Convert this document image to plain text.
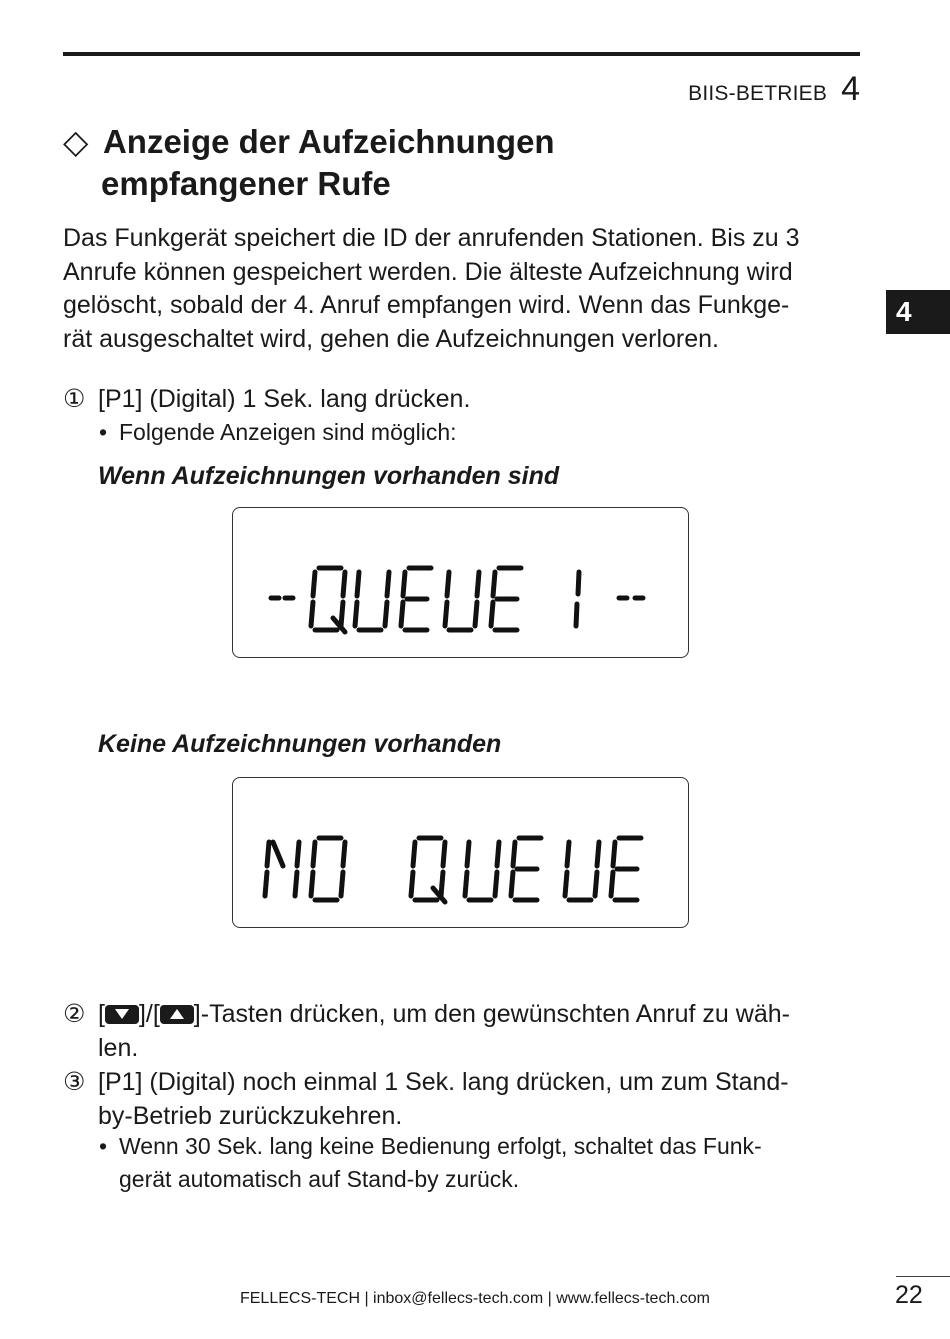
BIIS-BETRIEB 4
4
◇ Anzeige der Aufzeichnungen
empfangener Rufe
Das Funkgerät speichert die ID der anrufenden Stationen. Bis zu 3
Anrufe können gespeichert werden. Die älteste Aufzeichnung wird
gelöscht, sobald der 4. Anruf empfangen wird. Wenn das Funkge-
rät ausgeschaltet wird, gehen die Aufzeichnungen verloren.
① [P1] (Digital) 1 Sek. lang drücken.
• Folgende Anzeigen sind möglich:
Wenn Aufzeichnungen vorhanden sind
Keine Aufzeichnungen vorhanden
② [ ]/[ ]-Tasten drücken, um den gewünschten Anruf zu wäh-
len.
③ [P1] (Digital) noch einmal 1 Sek. lang drücken, um zum Stand-
by-Betrieb zurückzukehren.
• Wenn 30 Sek. lang keine Bedienung erfolgt, schaltet das Funk-
gerät automatisch auf Stand-by zurück.
FELLECS-TECH | inbox@fellecs-tech.com | www.fellecs-tech.com	22
